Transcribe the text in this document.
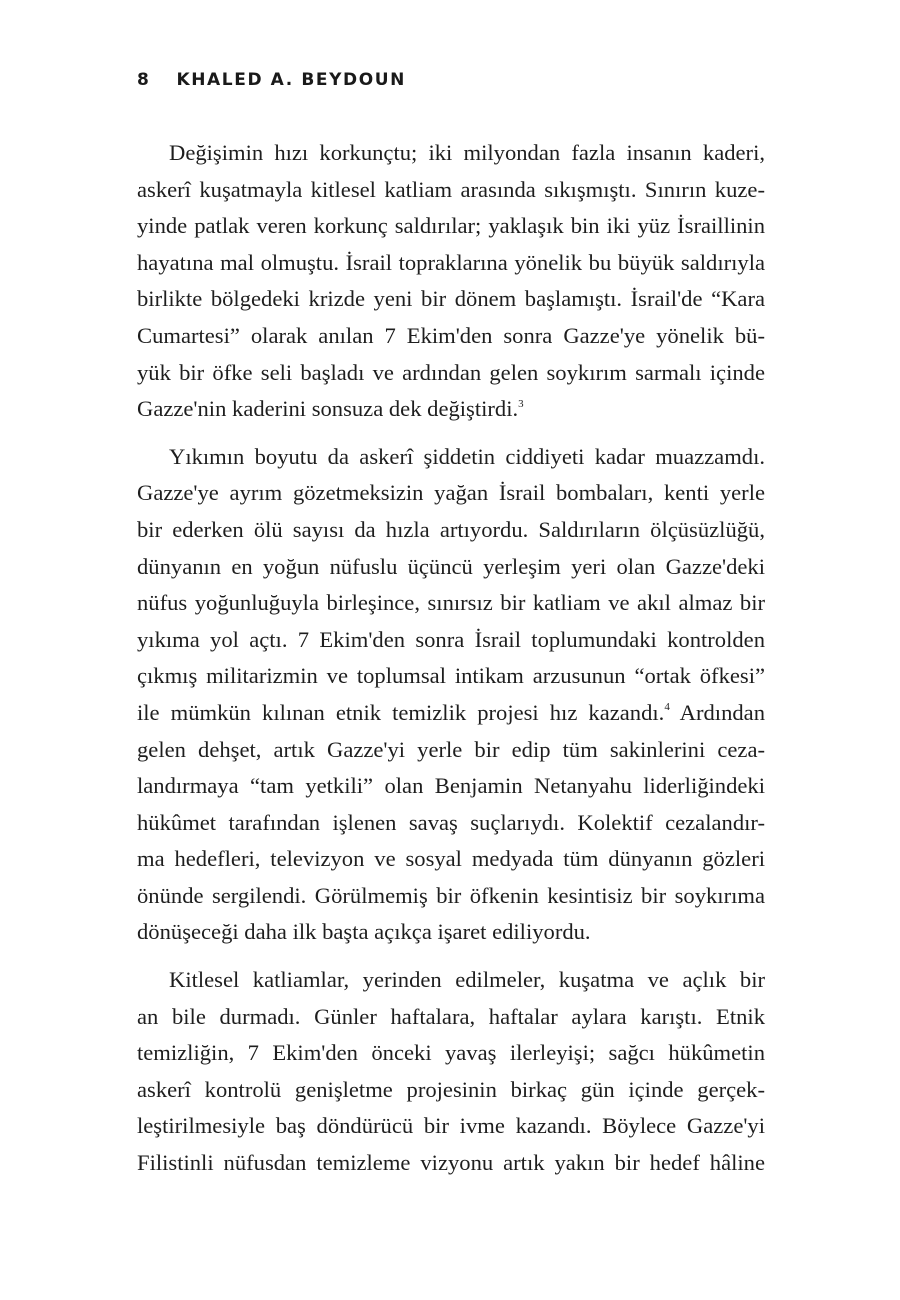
8 KHALED A. BEYDOUN

Değişimin hızı korkunçtu; iki milyondan fazla insanın kaderi,
askerî kuşatmayla kitlesel katliam arasında sıkışmıştı. Sınırın kuze-
yinde patlak veren korkunç saldırılar; yaklaşık bin iki yüz İsraillinin
hayatına mal olmuştu. İsrail topraklarına yönelik bu büyük saldırıyla
birlikte bölgedeki krizde yeni bir dönem başlamıştı. İsrail'de “Kara
Cumartesi” olarak anılan 7 Ekim'den sonra Gazze'ye yönelik bü-
yük bir öfke seli başladı ve ardından gelen soykırım sarmalı içinde
Gazze'nin kaderini sonsuza dek değiştirdi.$^3$

Yıkımın boyutu da askerî şiddetin ciddiyeti kadar muazzamdı.
Gazze'ye ayrım gözetmeksizin yağan İsrail bombaları, kenti yerle
bir ederken ölü sayısı da hızla artıyordu. Saldırıların ölçüsüzlüğü,
dünyanın en yoğun nüfuslu üçüncü yerleşim yeri olan Gazze'deki
nüfus yoğunluğuyla birleşince, sınırsız bir katliam ve akıl almaz bir
yıkıma yol açtı. 7 Ekim'den sonra İsrail toplumundaki kontrolden
çıkmış militarizmin ve toplumsal intikam arzusunun “ortak öfkesi”
ile mümkün kılınan etnik temizlik projesi hız kazandı.$^4$ Ardından
gelen dehşet, artık Gazze'yi yerle bir edip tüm sakinlerini ceza-
landırmaya “tam yetkili” olan Benjamin Netanyahu liderliğindeki
hükûmet tarafından işlenen savaş suçlarıydı. Kolektif cezalandır-
ma hedefleri, televizyon ve sosyal medyada tüm dünyanın gözleri
önünde sergilendi. Görülmemiş bir öfkenin kesintisiz bir soykırıma
dönüşeceği daha ilk başta açıkça işaret ediliyordu.

Kitlesel katliamlar, yerinden edilmeler, kuşatma ve açlık bir
an bile durmadı. Günler haftalara, haftalar aylara karıştı. Etnik
temizliğin, 7 Ekim'den önceki yavaş ilerleyişi; sağcı hükûmetin
askerî kontrolü genişletme projesinin birkaç gün içinde gerçek-
leştirilmesiyle baş döndürücü bir ivme kazandı. Böylece Gazze'yi
Filistinli nüfusdan temizleme vizyonu artık yakın bir hedef hâline
